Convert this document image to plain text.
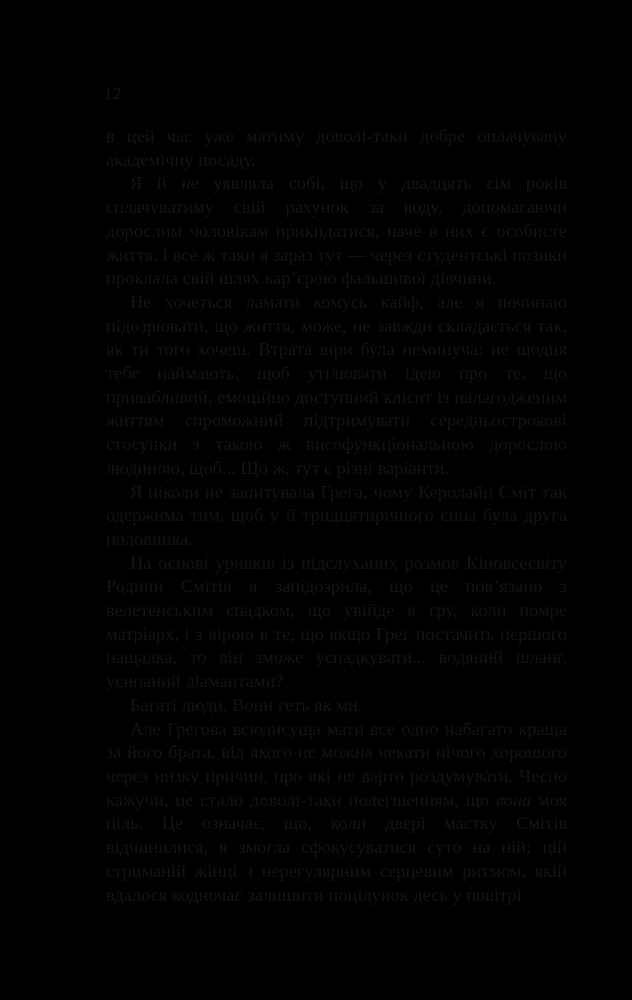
12

в цей час уже матиму доволі-таки добре оплачувану академічну посаду.

Я й не уявляла собі, що у двадцять сім років сплачуватиму свій рахунок за воду, допомагаючи дорослим чоловікам прикидатися, наче в них є особисте життя. І все ж таки я зараз тут — через студентські позики проклала свій шлях кар’єрою фальшивої дівчини.

Не хочеться ламати комусь кайф, але я починаю підозрювати, що життя, може, не завжди складається так, як ти того хочеш. Втрата віри була неминуча: не щодня тебе наймають, щоб утілювати ідею про те, що привабливий, емоційно доступний клієнт із налагодженим життям спроможний підтримувати середньострокові стосунки з такою ж висофункціональною дорослою людиною, щоб... Що ж, тут є різні варіанти.

Я ніколи не запитувала Грега, чому Керолайн Сміт так одержима тим, щоб у її тридцятирічного сина була друга половинка.

На основі уривків із підслуханих розмов Кіновсесвіту Родини Смітів я запідозрила, що це пов’язано з велетенським спадком, що увійде в гру, коли помре матріарх, і з вірою в те, що якщо Грег постачить першого нащадка, то він зможе успадкувати... водяний шланг, усипаний діамантами?

Багаті люди. Вони геть як ми.

Але Грегова всюдисуща мати все одно набагато краща за його брата, від якого не можна чекати нічого хорошого через низку причин, про які не варто роздумувати. Чесно кажучи, це стало доволі-таки полегшенням, що вона моя ціль. Це означає, що, коли двері маєтку Смітів відчинилися, я змогла сфокусуватися суто на ній: цій стриманій жінці з нерегулярним серцевим ритмом, якій вдалося водночас залишити поцілунок десь у повітрі
